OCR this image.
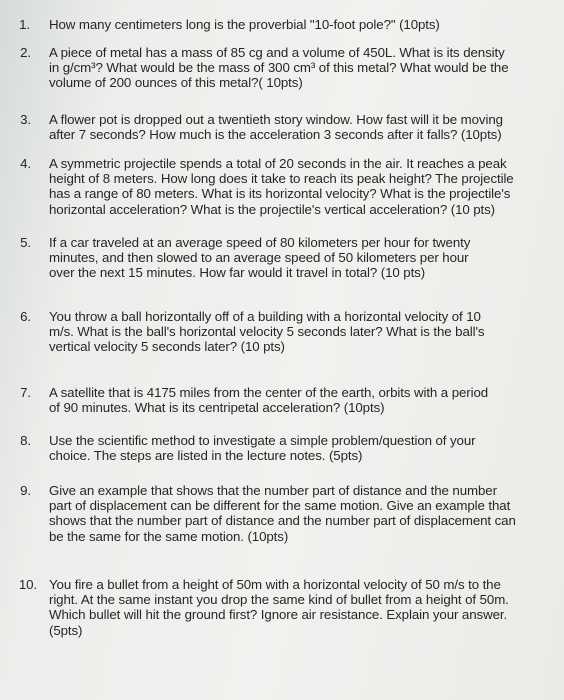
1. How many centimeters long is the proverbial "10-foot pole?" (10pts)
2. A piece of metal has a mass of 85 cg and a volume of 450L. What is its density
in g/cm³? What would be the mass of 300 cm³ of this metal? What would be the
volume of 200 ounces of this metal?( 10pts)
3. A flower pot is dropped out a twentieth story window. How fast will it be moving
after 7 seconds? How much is the acceleration 3 seconds after it falls? (10pts)
4. A symmetric projectile spends a total of 20 seconds in the air. It reaches a peak
height of 8 meters. How long does it take to reach its peak height? The projectile
has a range of 80 meters. What is its horizontal velocity? What is the projectile's
horizontal acceleration? What is the projectile's vertical acceleration? (10 pts)
5. If a car traveled at an average speed of 80 kilometers per hour for twenty
minutes, and then slowed to an average speed of 50 kilometers per hour
over the next 15 minutes. How far would it travel in total? (10 pts)
6. You throw a ball horizontally off of a building with a horizontal velocity of 10
m/s. What is the ball's horizontal velocity 5 seconds later? What is the ball's
vertical velocity 5 seconds later? (10 pts)
7. A satellite that is 4175 miles from the center of the earth, orbits with a period
of 90 minutes. What is its centripetal acceleration? (10pts)
8. Use the scientific method to investigate a simple problem/question of your
choice. The steps are listed in the lecture notes. (5pts)
9. Give an example that shows that the number part of distance and the number
part of displacement can be different for the same motion. Give an example that
shows that the number part of distance and the number part of displacement can
be the same for the same motion. (10pts)
10. You fire a bullet from a height of 50m with a horizontal velocity of 50 m/s to the
right. At the same instant you drop the same kind of bullet from a height of 50m.
Which bullet will hit the ground first? Ignore air resistance. Explain your answer.
(5pts)
